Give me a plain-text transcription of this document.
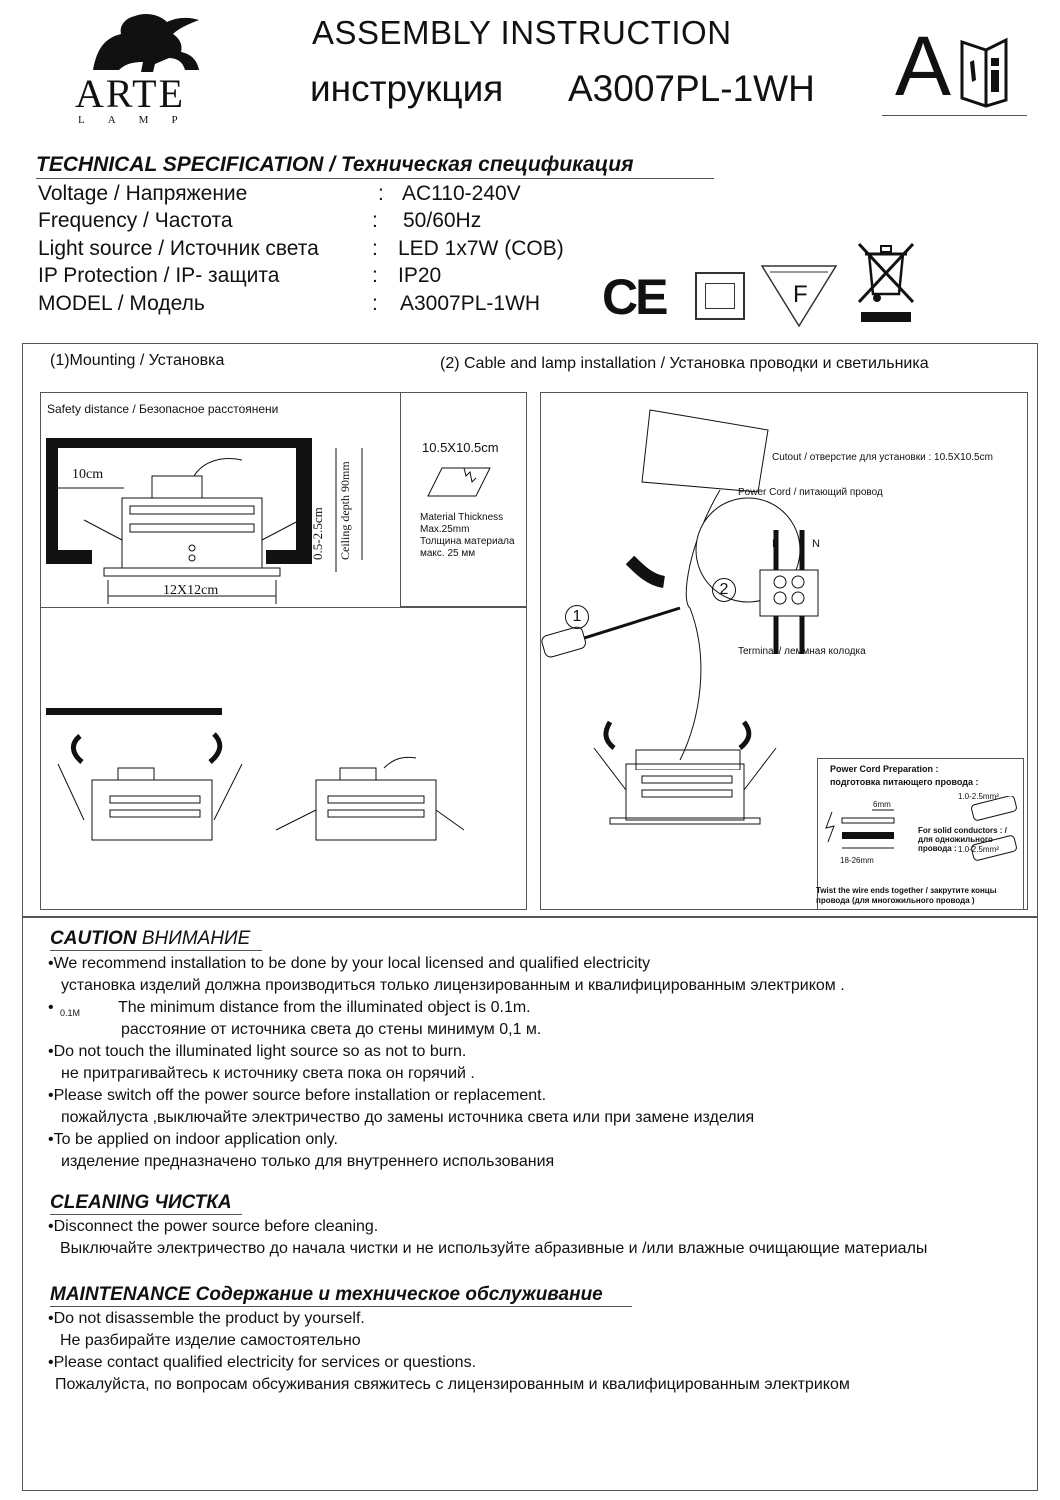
ARTE
LAMP
ASSEMBLY INSTRUCTION
инструкция A3007PL-1WH A
TECHNICAL SPECIFICATION / Техническая спецификация
Voltage / Напряжение	: AC110-240V
Frequency / Частота	: 50/60Hz
Light source / Источник света	: LED 1x7W (COB)
IP Protection / IP- защита	: IP20
MODEL / Модель	: A3007PL-1WH CE	F
(1)Mounting / Установка	(2) Cable and lamp installation / Установка проводки и светильника
Safety distance / Безопасное расстоянени
10cm
12X12cm
0.5-2.5cm Ceiling depth 90mm
10.5X10.5cm
Material Thickness
Max.25mm
Толщина материала
макс. 25 мм
Cutout / отверстие для установки : 10.5X10.5cm
Power Cord / питающий провод
L	N
1
2
Terminal / леммная колодка
Power Cord Preparation :
подготовка питающего провода :
1.0-2.5mm²
6mm
18-26mm
For solid conductors : / для одножильного провода : 1.0-2.5mm²
Twist the wire ends together / закрутите концы провода (для многожильного провода )
CAUTION ВНИМАНИЕ
•We recommend installation to be done by your local licensed and qualified electricity
установка изделий должна производиться только лицензированным и квалифицированным электриком .
• 0.1M The minimum distance from the illuminated object is 0.1m.
расстояние от источника света до стены минимум 0,1 м.
•Do not touch the illuminated light source so as not to burn.
не притрагивайтесь к источнику света пока он горячий .
•Please switch off the power source before installation or replacement.
пожайлуста ,выключайте электричество до замены источника света или при замене изделия
•To be applied on indoor application only.
изделение предназначено только для внутреннего использования
CLEANING ЧИСТКА
•Disconnect the power source before cleaning.
Выключайте электричество до начала чистки и не используйте абразивные и /или влажные очищающие материалы
MAINTENANCE Содержание и техническое обслуживание
•Do not disassemble the product by yourself.
Не разбирайте изделие самостоятельно
•Please contact qualified electricity for services or questions.
Пожалуйста, по вопросам обсуживания свяжитесь с лицензированным и квалифицированным электриком
